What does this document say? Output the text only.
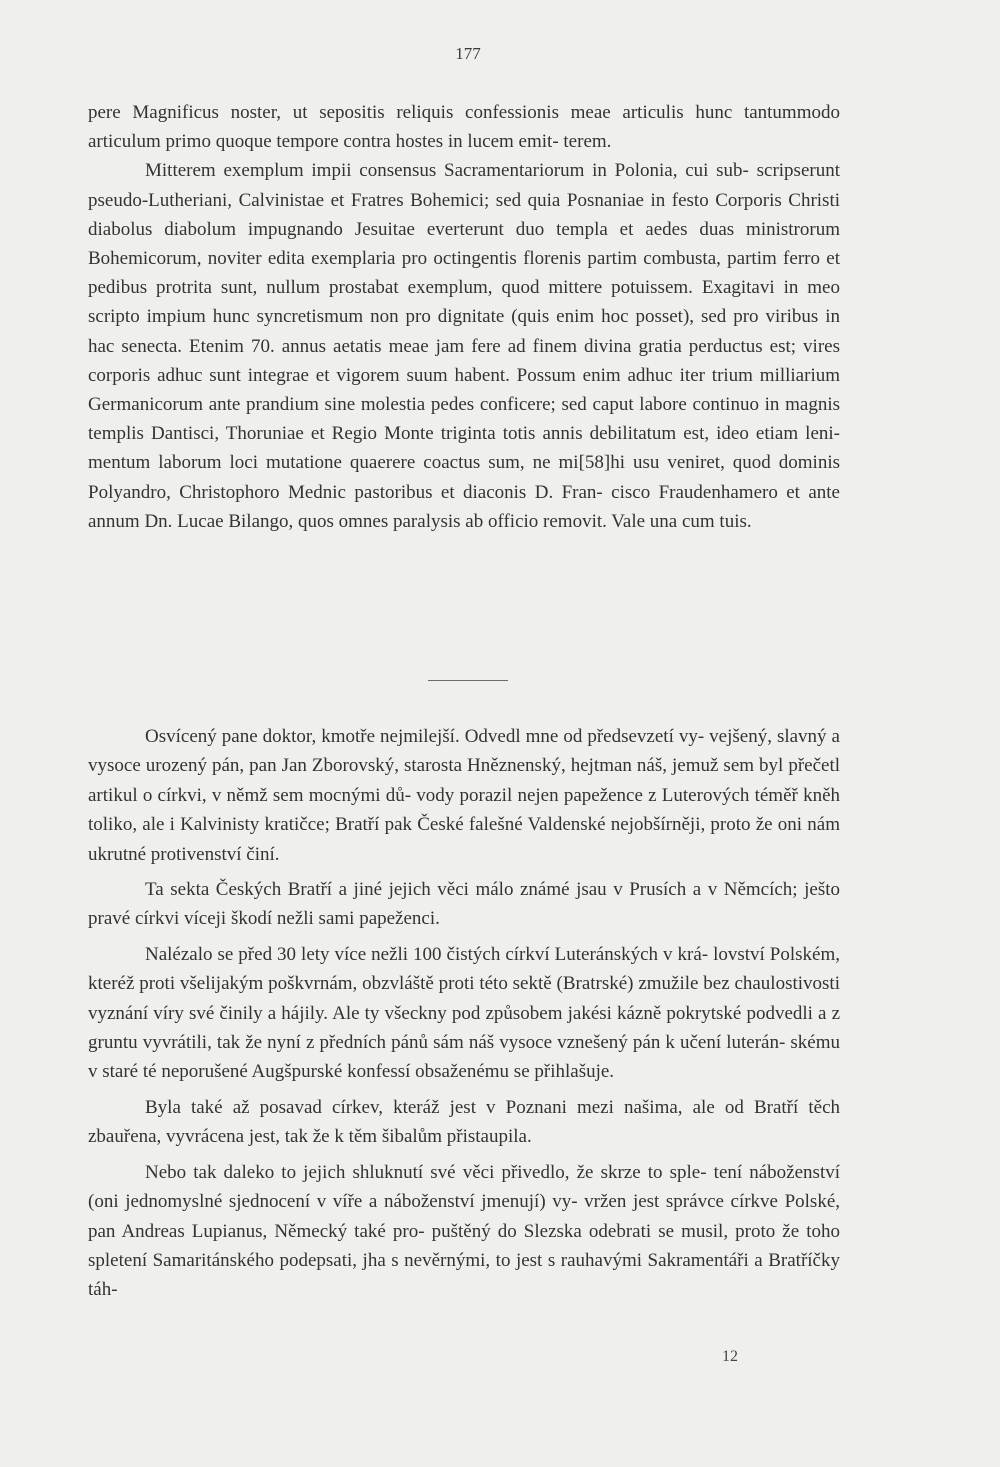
177

pere Magnificus noster, ut sepositis reliquis confessionis meae articulis hunc tantummodo articulum primo quoque tempore contra hostes in lucem emit- terem.

Mitterem exemplum impii consensus Sacramentariorum in Polonia, cui sub- scripserunt pseudo-Lutheriani, Calvinistae et Fratres Bohemici; sed quia Posnaniae in festo Corporis Christi diabolus diabolum impugnando Jesuitae everterunt duo templa et aedes duas ministrorum Bohemicorum, noviter edita exemplaria pro octingentis florenis partim combusta, partim ferro et pedibus protrita sunt, nullum prostabat exemplum, quod mittere potuissem. Exagitavi in meo scripto impium hunc syncretismum non pro dignitate (quis enim hoc posset), sed pro viribus in hac senecta. Etenim 70. annus aetatis meae jam fere ad finem divina gratia perductus est; vires corporis adhuc sunt integrae et vigorem suum habent. Possum enim adhuc iter trium milliarium Germanicorum ante prandium sine molestia pedes conficere; sed caput labore continuo in magnis templis Dantisci, Thoruniae et Regio Monte triginta totis annis debilitatum est, ideo etiam leni- mentum laborum loci mutatione quaerere coactus sum, ne mi[58]hi usu veniret, quod dominis Polyandro, Christophoro Mednic pastoribus et diaconis D. Fran- cisco Fraudenhamero et ante annum Dn. Lucae Bilango, quos omnes paralysis ab officio removit. Vale una cum tuis.

Osvícený pane doktor, kmotře nejmilejší. Odvedl mne od předsevzetí vy- vejšený, slavný a vysoce urozený pán, pan Jan Zborovský, starosta Hněznenský, hejtman náš, jemuž sem byl přečetl artikul o církvi, v němž sem mocnými dů- vody porazil nejen papežence z Luterových téměř kněh toliko, ale i Kalvinisty kratičce; Bratří pak České falešné Valdenské nejobšírněji, proto že oni nám ukrutné protivenství činí.

Ta sekta Českých Bratří a jiné jejich věci málo známé jsau v Prusích a v Němcích; ještο pravé církvi víceji škodí nežli sami papeženci.

Nalézalo se před 30 lety více nežli 100 čistých církví Luteránských v krá- lovství Polském, kteréž proti všelijakým poškvrnám, obzvláště proti této sektě (Bratrské) zmužile bez chaulostivosti vyznání víry své činily a hájily. Ale ty všeckny pod způsobem jakési kázně pokrytské podvedli a z gruntu vyvrátili, tak že nyní z předních pánů sám náš vysoce vznešený pán k učení luterán- skému v staré té neporušené Augšpurské konfessí obsaženému se přihlašuje.

Byla také až posavad církev, kteráž jest v Poznani mezi našima, ale od Bratří těch zbauřena, vyvrácena jest, tak že k těm šibalům přistaupila.

Nebo tak daleko to jejich shluknutí své věci přivedlo, že skrze to sple- tení náboženství (oni jednomyslné sjednocení v víře a náboženství jmenují) vy- vržen jest správce církve Polské, pan Andreas Lupianus, Německý také pro- puštěný do Slezska odebrati se musil, proto že toho spletení Samaritánského podepsati, jha s nevěrnými, to jest s rauhavými Sakramentáři a Bratříčky táh-

12
